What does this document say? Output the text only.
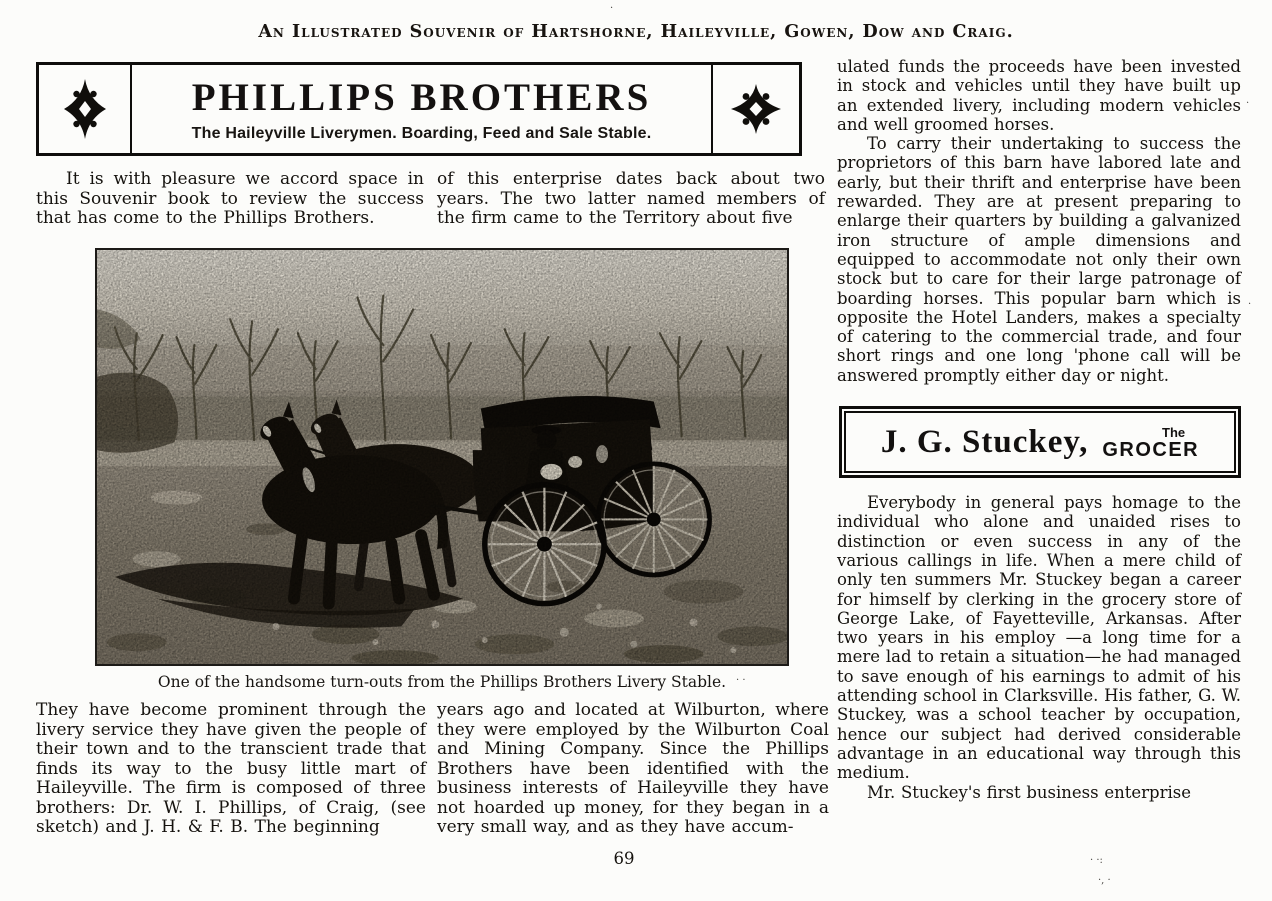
An Illustrated Souvenir of Hartshorne, Haileyville, Gowen, Dow and Craig.
PHILLIPS BROTHERS
The Haileyville Liverymen. Boarding, Feed and Sale Stable.

It is with pleasure we accord space in this Souvenir book to review the success that has come to the Phillips Brothers.

of this enterprise dates back about two years. The two latter named members of the firm came to the Territory about five

One of the handsome turn-outs from the Phillips Brothers Livery Stable.

They have become prominent through the livery service they have given the people of their town and to the transcient trade that finds its way to the busy little mart of Haileyville. The firm is composed of three brothers: Dr. W. I. Phillips, of Craig, (see sketch) and J. H. & F. B. The beginning

years ago and located at Wilburton, where they were employed by the Wilburton Coal and Mining Company. Since the Phillips Brothers have been identified with the business interests of Haileyville they have not hoarded up money, for they began in a very small way, and as they have accum-

ulated funds the proceeds have been invested in stock and vehicles until they have built up an extended livery, including modern vehicles and well groomed horses.

To carry their undertaking to success the proprietors of this barn have labored late and early, but their thrift and enterprise have been rewarded. They are at present preparing to enlarge their quarters by building a galvanized iron structure of ample dimensions and equipped to accommodate not only their own stock but to care for their large patronage of boarding horses. This popular barn which is opposite the Hotel Landers, makes a specialty of catering to the commercial trade, and four short rings and one long 'phone call will be answered promptly either day or night.

J. G. Stuckey,	The
GROCER

Everybody in general pays homage to the individual who alone and unaided rises to distinction or even success in any of the various callings in life. When a mere child of only ten summers Mr. Stuckey began a career for himself by clerking in the grocery store of George Lake, of Fayetteville, Arkansas. After two years in his employ —a long time for a mere lad to retain a situation—he had managed to save enough of his earnings to admit of his attending school in Clarksville. His father, G. W. Stuckey, was a school teacher by occupation, hence our subject had derived considerable advantage in an educational way through this medium.

Mr. Stuckey's first business enterprise

69
·
·
.
· ·:
·, ·
· ·
